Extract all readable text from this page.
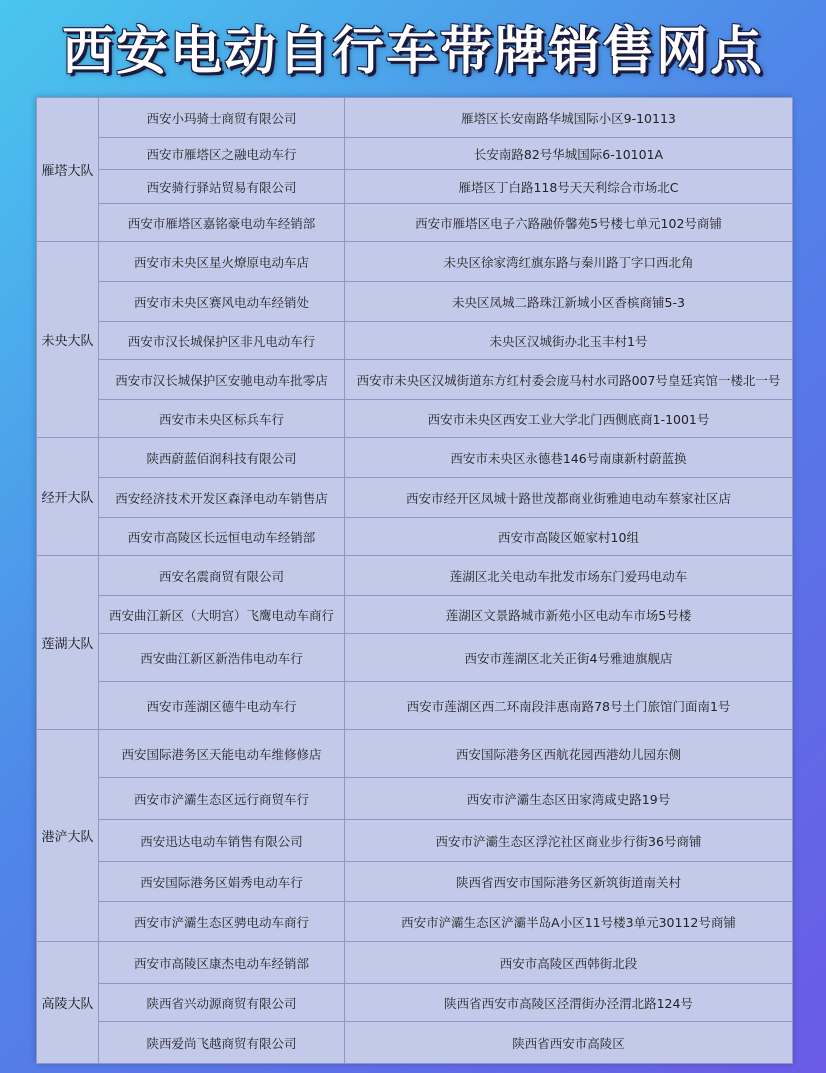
西安电动自行车带牌销售网点
雁塔大队	西安小玛骑士商贸有限公司	雁塔区长安南路华城国际小区9-10113
	西安市雁塔区之融电动车行	长安南路82号华城国际6-10101A
	西安骑行驿站贸易有限公司	雁塔区丁白路118号天天利综合市场北C
	西安市雁塔区嘉铭豪电动车经销部	西安市雁塔区电子六路融侨馨苑5号楼七单元102号商铺
未央大队	西安市未央区星火燎原电动车店	未央区徐家湾红旗东路与秦川路丁字口西北角
	西安市未央区赛风电动车经销处	未央区凤城二路珠江新城小区香槟商铺5-3
	西安市汉长城保护区非凡电动车行	未央区汉城街办北玉丰村1号
	西安市汉长城保护区安驰电动车批零店	西安市未央区汉城街道东方红村委会庞马村水司路007号皇廷宾馆一楼北一号
	西安市未央区标兵车行	西安市未央区西安工业大学北门西侧底商1-1001号
经开大队	陕西蔚蓝佰润科技有限公司	西安市未央区永德巷146号南康新村蔚蓝换
	西安经济技术开发区森泽电动车销售店	西安市经开区凤城十路世茂都商业街雅迪电动车蔡家社区店
	西安市高陵区长远恒电动车经销部	西安市高陵区姬家村10组
莲湖大队	西安名震商贸有限公司	莲湖区北关电动车批发市场东门爱玛电动车
	西安曲江新区（大明宫）飞鹰电动车商行	莲湖区文景路城市新苑小区电动车市场5号楼
	西安曲江新区新浩伟电动车行	西安市莲湖区北关正街4号雅迪旗舰店
	西安市莲湖区德牛电动车行	西安市莲湖区西二环南段沣惠南路78号土门旅馆门面南1号
港浐大队	西安国际港务区天能电动车维修修店	西安国际港务区西航花园西港幼儿园东侧
	西安市浐灞生态区远行商贸车行	西安市浐灞生态区田家湾咸史路19号
	西安迅达电动车销售有限公司	西安市浐灞生态区浮沱社区商业步行街36号商铺
	西安国际港务区娟秀电动车行	陕西省西安市国际港务区新筑街道南关村
	西安市浐灞生态区骋电动车商行	西安市浐灞生态区浐灞半岛A小区11号楼3单元30112号商铺
高陵大队	西安市高陵区康杰电动车经销部	西安市高陵区西韩街北段
	陕西省兴动源商贸有限公司	陕西省西安市高陵区泾渭街办泾渭北路124号
	陕西爱尚飞越商贸有限公司	陕西省西安市高陵区
